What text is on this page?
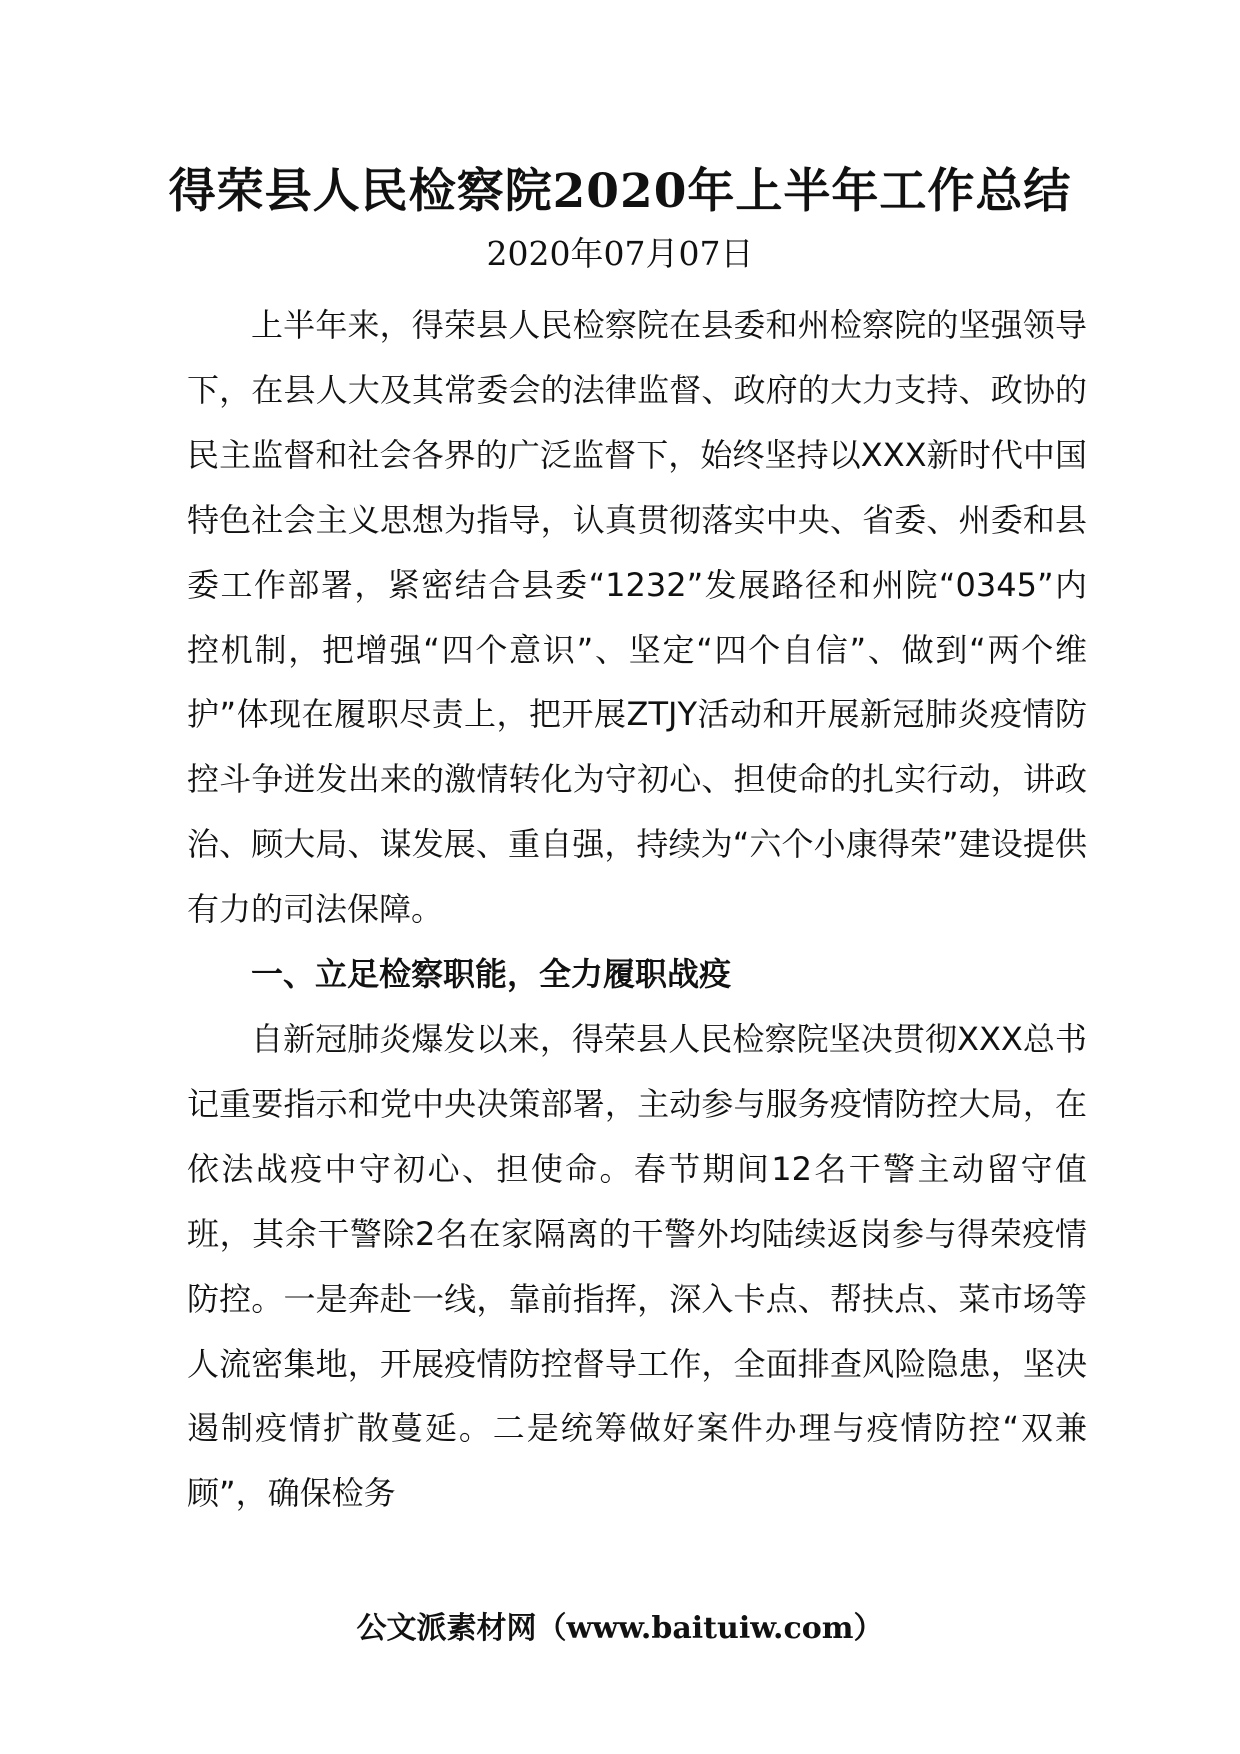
得荣县人民检察院2020年上半年工作总结
2020年07月07日

上半年来，得荣县人民检察院在县委和州检察院的坚强领导下，在县人大及其常委会的法律监督、政府的大力支持、政协的民主监督和社会各界的广泛监督下，始终坚持以XXX新时代中国特色社会主义思想为指导，认真贯彻落实中央、省委、州委和县委工作部署，紧密结合县委“1232”发展路径和州院“0345”内控机制，把增强“四个意识”、坚定“四个自信”、做到“两个维护”体现在履职尽责上，把开展ZTJY活动和开展新冠肺炎疫情防控斗争迸发出来的激情转化为守初心、担使命的扎实行动，讲政治、顾大局、谋发展、重自强，持续为“六个小康得荣”建设提供有力的司法保障。

一、立足检察职能，全力履职战疫

自新冠肺炎爆发以来，得荣县人民检察院坚决贯彻XXX总书记重要指示和党中央决策部署，主动参与服务疫情防控大局，在依法战疫中守初心、担使命。春节期间12名干警主动留守值班，其余干警除2名在家隔离的干警外均陆续返岗参与得荣疫情防控。一是奔赴一线，靠前指挥，深入卡点、帮扶点、菜市场等人流密集地，开展疫情防控督导工作，全面排查风险隐患，坚决遏制疫情扩散蔓延。二是统筹做好案件办理与疫情防控“双兼顾”，确保检务

公文派素材网（www.baituiw.com）
